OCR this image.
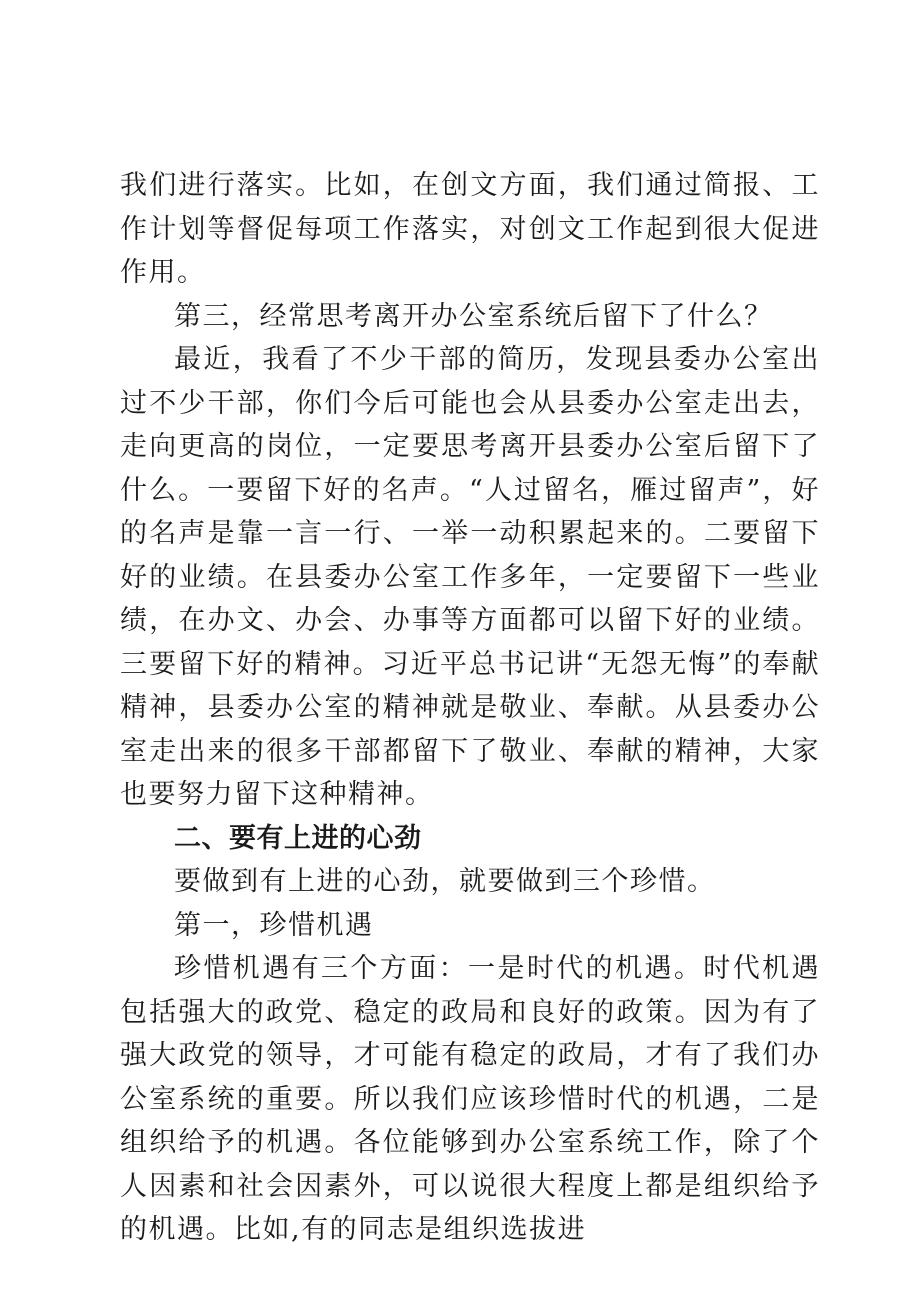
我们进行落实。比如，在创文方面，我们通过简报、工作计划等督促每项工作落实，对创文工作起到很大促进作用。

第三，经常思考离开办公室系统后留下了什么？

最近，我看了不少干部的简历，发现县委办公室出过不少干部，你们今后可能也会从县委办公室走出去，走向更高的岗位，一定要思考离开县委办公室后留下了什么。一要留下好的名声。“人过留名，雁过留声”，好的名声是靠一言一行、一举一动积累起来的。二要留下好的业绩。在县委办公室工作多年，一定要留下一些业绩，在办文、办会、办事等方面都可以留下好的业绩。三要留下好的精神。习近平总书记讲“无怨无悔”的奉献精神，县委办公室的精神就是敬业、奉献。从县委办公室走出来的很多干部都留下了敬业、奉献的精神，大家也要努力留下这种精神。

二、要有上进的心劲

要做到有上进的心劲，就要做到三个珍惜。

第一，珍惜机遇

珍惜机遇有三个方面：一是时代的机遇。时代机遇包括强大的政党、稳定的政局和良好的政策。因为有了强大政党的领导，才可能有稳定的政局，才有了我们办公室系统的重要。所以我们应该珍惜时代的机遇，二是组织给予的机遇。各位能够到办公室系统工作，除了个人因素和社会因素外，可以说很大程度上都是组织给予的机遇。比如,有的同志是组织选拔进
